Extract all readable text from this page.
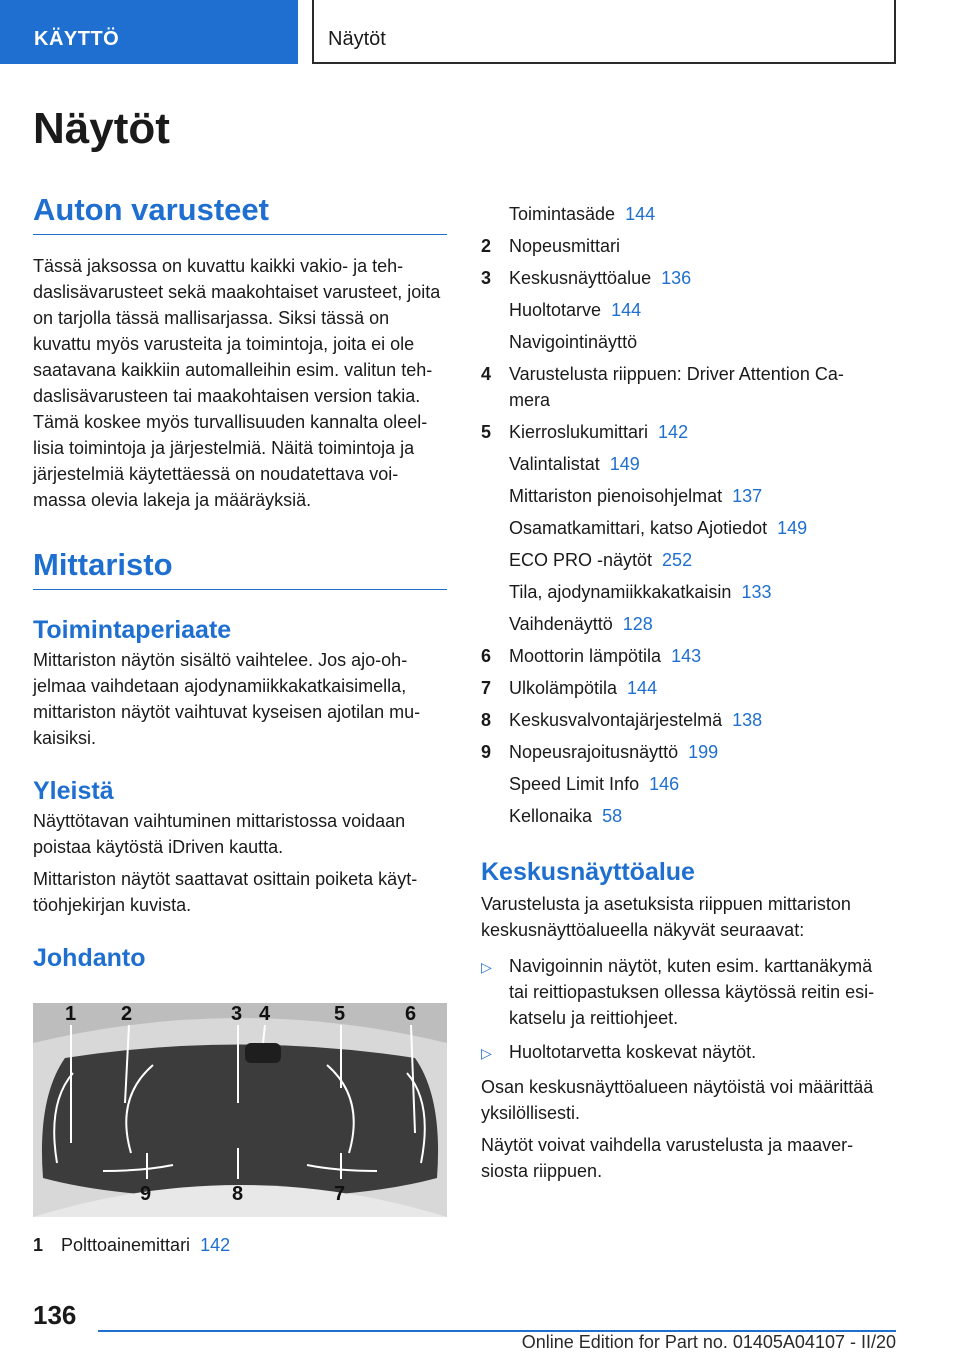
KÄYTTÖ	Näytöt
Näytöt
Auton varusteet
Tässä jaksossa on kuvattu kaikki vakio- ja teh-daslisävarusteet sekä maakohtaiset varusteet, joita on tarjolla tässä mallisarjassa. Siksi tässä on kuvattu myös varusteita ja toimintoja, joita ei ole saatavana kaikkiin automalleihin esim. valitun teh-daslisävarusteen tai maakohtaisen version takia. Tämä koskee myös turvallisuuden kannalta oleel-lisia toimintoja ja järjestelmiä. Näitä toimintoja ja järjestelmiä käytettäessä on noudatettava voi-massa olevia lakeja ja määräyksiä.
Mittaristo
Toimintaperiaate
Mittariston näytön sisältö vaihtelee. Jos ajo-oh-jelmaa vaihdetaan ajodynamiikkakatkaisimella, mittariston näytöt vaihtuvat kyseisen ajotilan mu-kaisiksi.
Yleistä
Näyttötavan vaihtuminen mittaristossa voidaan poistaa käytöstä iDriven kautta.
Mittariston näytöt saattavat osittain poiketa käyt-töohjekirjan kuvista.
Johdanto
1 2	3 4	5	6
9	8	7
1 Polttoainemittari 142
Toimintasäde 144
2 Nopeusmittari
3 Keskusnäyttöalue 136
Huoltotarve 144
Navigointinäyttö
4 Varustelusta riippuen: Driver Attention Ca-mera
5 Kierroslukumittari 142
Valintalistat 149
Mittariston pienoisohjelmat 137
Osamatkamittari, katso Ajotiedot 149
ECO PRO -näytöt 252
Tila, ajodynamiikkakatkaisin 133
Vaihdenäyttö 128
6 Moottorin lämpötila 143
7 Ulkolämpötila 144
8 Keskusvalvontajärjestelmä 138
9 Nopeusrajoitusnäyttö 199
Speed Limit Info 146
Kellonaika 58
Keskusnäyttöalue
Varustelusta ja asetuksista riippuen mittariston keskusnäyttöalueella näkyvät seuraavat:
▷ Navigoinnin näytöt, kuten esim. karttanäkymä tai reittiopastuksen ollessa käytössä reitin esi-katselu ja reittiohjeet.
▷ Huoltotarvetta koskevat näytöt.
Osan keskusnäyttöalueen näytöistä voi määrittää yksilöllisesti.
Näytöt voivat vaihdella varustelusta ja maaver-siosta riippuen.
136
Online Edition for Part no. 01405A04107 - II/20
